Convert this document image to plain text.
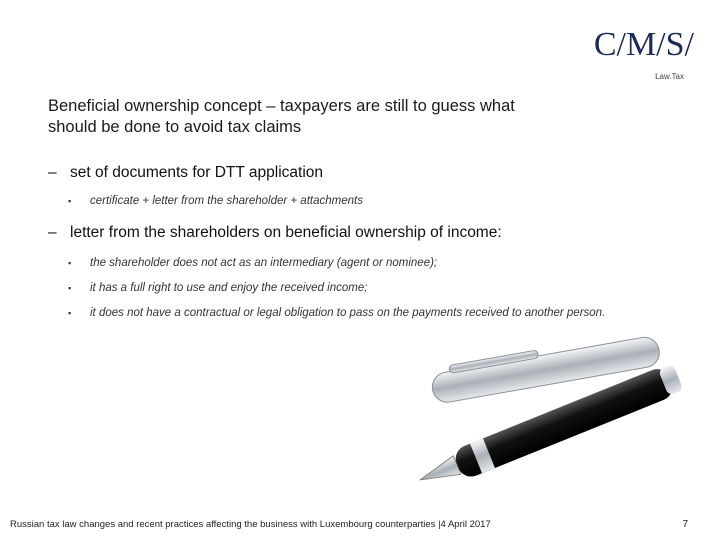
C/M/S/
Law.Tax
Beneficial ownership concept – taxpayers are still to guess what should be done to avoid tax claims
– set of documents for DTT application
▪	certificate + letter from the shareholder + attachments
– letter from the shareholders on beneficial ownership of income:
▪	the shareholder does not act as an intermediary (agent or nominee);
▪	it has a full right to use and enjoy the received income;
▪	it does not have a contractual or legal obligation to pass on the payments received to another person.
Russian tax law changes and recent practices affecting the business with Luxembourg counterparties |4 April 2017	7
